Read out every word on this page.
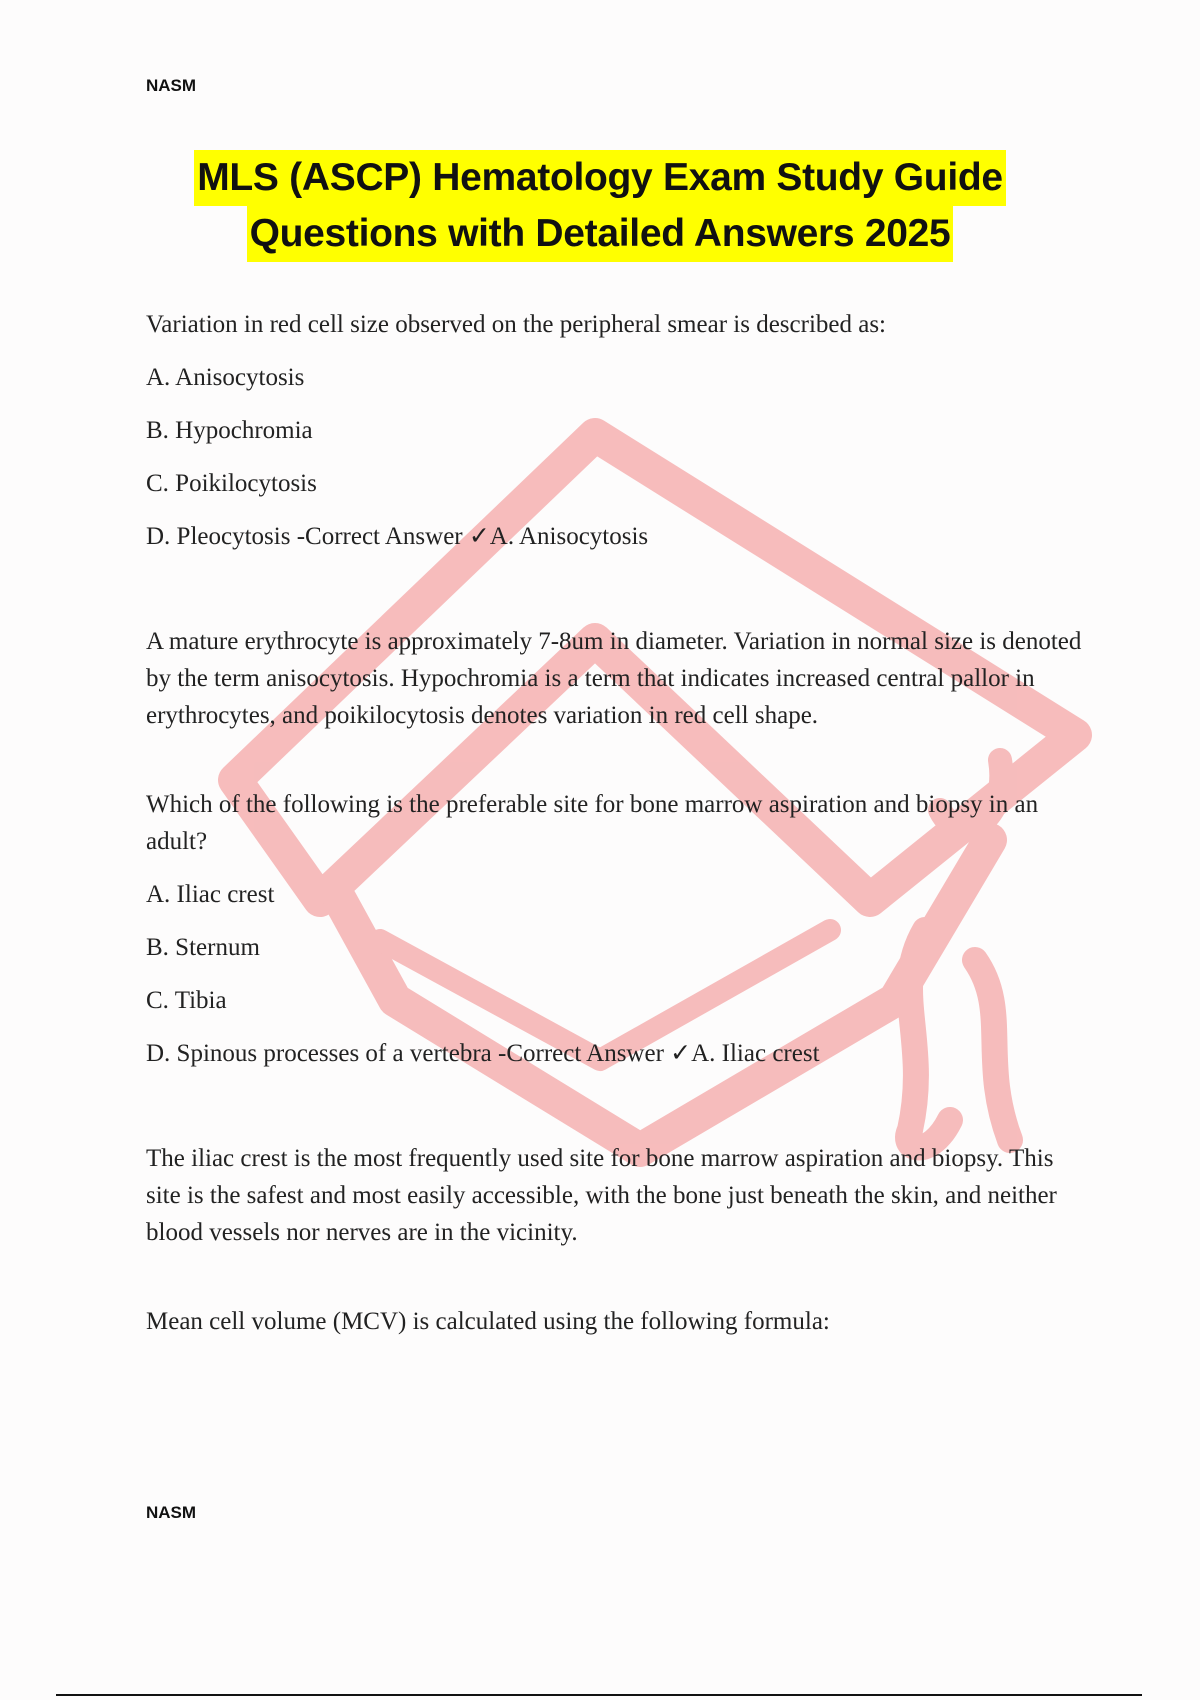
NASM
MLS (ASCP) Hematology Exam Study Guide
Questions with Detailed Answers 2025

Variation in red cell size observed on the peripheral smear is described as:

A. Anisocytosis

B. Hypochromia

C. Poikilocytosis

D. Pleocytosis -Correct Answer ✓A. Anisocytosis

A mature erythrocyte is approximately 7-8um in diameter. Variation in normal size is denoted by the term anisocytosis. Hypochromia is a term that indicates increased central pallor in erythrocytes, and poikilocytosis denotes variation in red cell shape.

Which of the following is the preferable site for bone marrow aspiration and biopsy in an adult?

A. Iliac crest

B. Sternum

C. Tibia

D. Spinous processes of a vertebra -Correct Answer ✓A. Iliac crest

The iliac crest is the most frequently used site for bone marrow aspiration and biopsy. This site is the safest and most easily accessible, with the bone just beneath the skin, and neither blood vessels nor nerves are in the vicinity.

Mean cell volume (MCV) is calculated using the following formula:

NASM
